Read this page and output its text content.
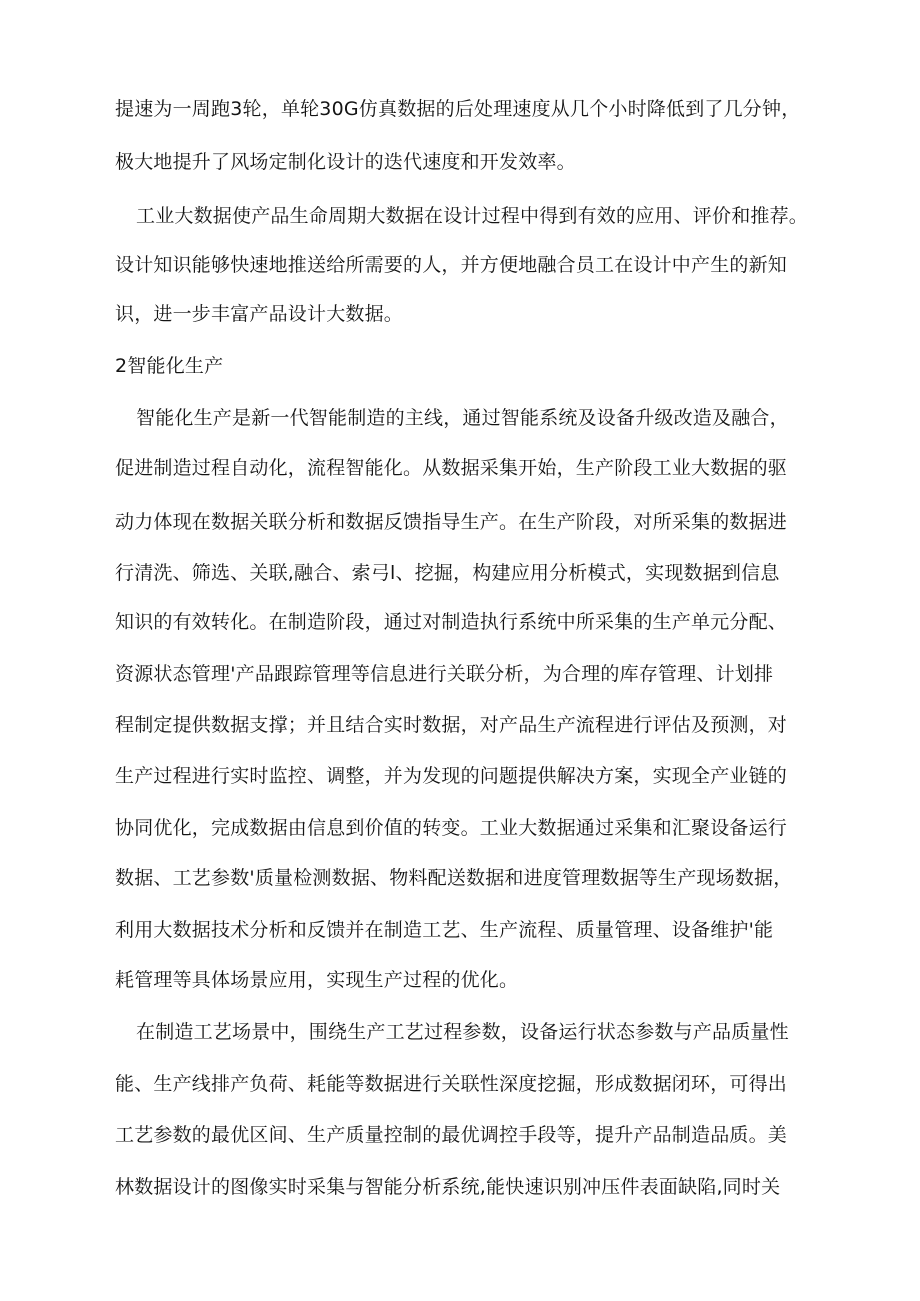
提速为一周跑3轮，单轮30G仿真数据的后处理速度从几个小时降低到了几分钟，
极大地提升了风场定制化设计的迭代速度和开发效率。
工业大数据使产品生命周期大数据在设计过程中得到有效的应用、评价和推荐。
设计知识能够快速地推送给所需要的人，并方便地融合员工在设计中产生的新知
识，进一步丰富产品设计大数据。
2智能化生产
智能化生产是新一代智能制造的主线，通过智能系统及设备升级改造及融合，
促进制造过程自动化，流程智能化。从数据采集开始，生产阶段工业大数据的驱
动力体现在数据关联分析和数据反馈指导生产。在生产阶段，对所采集的数据进
行清洗、筛选、关联,融合、索弓l、挖掘，构建应用分析模式，实现数据到信息
知识的有效转化。在制造阶段，通过对制造执行系统中所采集的生产单元分配、
资源状态管理'产品跟踪管理等信息进行关联分析，为合理的库存管理、计划排
程制定提供数据支撑；并且结合实时数据，对产品生产流程进行评估及预测，对
生产过程进行实时监控、调整，并为发现的问题提供解决方案，实现全产业链的
协同优化，完成数据由信息到价值的转变。工业大数据通过采集和汇聚设备运行
数据、工艺参数'质量检测数据、物料配送数据和进度管理数据等生产现场数据，
利用大数据技术分析和反馈并在制造工艺、生产流程、质量管理、设备维护'能
耗管理等具体场景应用，实现生产过程的优化。
在制造工艺场景中，围绕生产工艺过程参数，设备运行状态参数与产品质量性
能、生产线排产负荷、耗能等数据进行关联性深度挖掘，形成数据闭环，可得出
工艺参数的最优区间、生产质量控制的最优调控手段等，提升产品制造品质。美
林数据设计的图像实时采集与智能分析系统,能快速识别冲压件表面缺陷,同时关
